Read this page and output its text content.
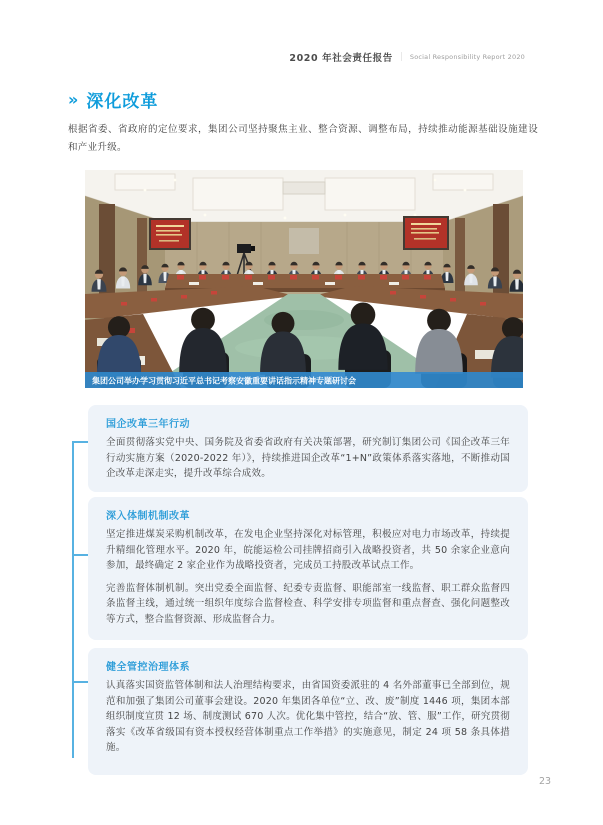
2020 年社会责任报告 | Social Responsibility Report 2020
» 深化改革

根据省委、省政府的定位要求，集团公司坚持聚焦主业、整合资源、调整布局，持续推动能源基础设施建设和产业升级。

集团公司举办学习贯彻习近平总书记考察安徽重要讲话指示精神专题研讨会
国企改革三年行动

全面贯彻落实党中央、国务院及省委省政府有关决策部署，研究制订集团公司《国企改革三年行动实施方案（2020-2022 年）》，持续推进国企改革“1+N”政策体系落实落地，不断推动国企改革走深走实，提升改革综合成效。

深入体制机制改革

坚定推进煤炭采购机制改革，在发电企业坚持深化对标管理，积极应对电力市场改革，持续提升精细化管理水平。2020 年，皖能运检公司挂牌招商引入战略投资者，共 50 余家企业意向参加，最终确定 2 家企业作为战略投资者，完成员工持股改革试点工作。

完善监督体制机制。突出党委全面监督、纪委专责监督、职能部室一线监督、职工群众监督四条监督主线，通过统一组织年度综合监督检查、科学安排专项监督和重点督查、强化问题整改等方式，整合监督资源、形成监督合力。

健全管控治理体系

认真落实国资监管体制和法人治理结构要求，由省国资委派驻的 4 名外部董事已全部到位，规范和加强了集团公司董事会建设。2020 年集团各单位“立、改、废”制度 1446 项，集团本部组织制度宣贯 12 场、制度测试 670 人次。优化集中管控，结合“放、管、服”工作，研究贯彻落实《改革省级国有资本授权经营体制重点工作举措》的实施意见，制定 24 项 58 条具体措施。

23
